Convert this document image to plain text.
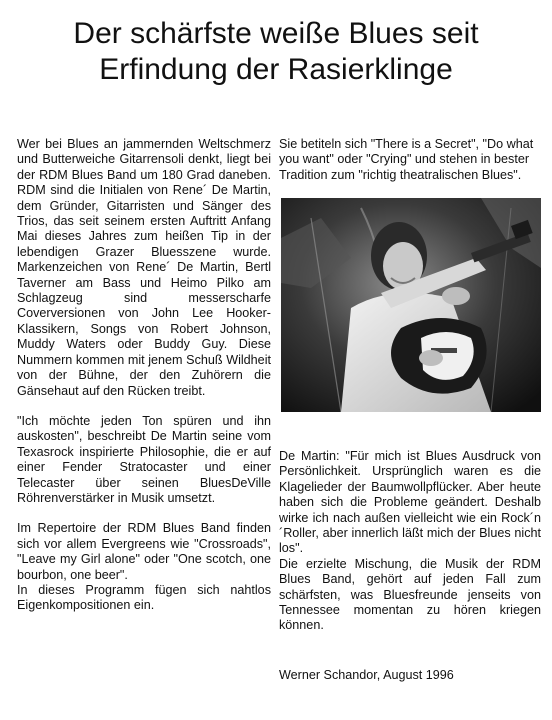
Der schärfste weiße Blues seit
Erfindung der Rasierklinge

Wer bei Blues an jammernden Weltschmerz und Butterweiche Gitarrensoli denkt, liegt bei der RDM Blues Band um 180 Grad daneben. RDM sind die Initialen von Rene´ De Martin, dem Gründer, Gitarristen und Sänger des Trios, das seit seinem ersten Auftritt Anfang Mai dieses Jahres zum heißen Tip in der lebendigen Grazer Bluesszene wurde. Markenzeichen von Rene´ De Martin, Bertl Taverner am Bass und Heimo Pilko am Schlagzeug sind messerscharfe Coverversionen von John Lee Hooker-Klassikern, Songs von Robert Johnson, Muddy Waters oder Buddy Guy. Diese Nummern kommen mit jenem Schuß Wildheit von der Bühne, der den Zuhörern die Gänsehaut auf den Rücken treibt.

"Ich möchte jeden Ton spüren und ihn auskosten", beschreibt De Martin seine vom Texasrock inspirierte Philosophie, die er auf einer Fender Stratocaster und einer Telecaster über seinen BluesDeVille Röhrenverstärker in Musik umsetzt.

Im Repertoire der RDM Blues Band finden sich vor allem Evergreens wie "Crossroads", "Leave my Girl alone" oder "One scotch, one bourbon, one beer".

In dieses Programm fügen sich nahtlos Eigenkompositionen ein.

Sie betiteln sich "There is a Secret", "Do what you want" oder "Crying" und stehen in bester Tradition zum "richtig theatralischen Blues".

De Martin: "Für mich ist Blues Ausdruck von Persönlichkeit. Ursprünglich waren es die Klagelieder der Baumwollpflücker. Aber heute haben sich die Probleme geändert. Deshalb wirke ich nach außen vielleicht wie ein Rock´n´Roller, aber innerlich läßt mich der Blues nicht los".

Die erzielte Mischung, die Musik der RDM Blues Band, gehört auf jeden Fall zum schärfsten, was Bluesfreunde jenseits von Tennessee momentan zu hören kriegen können.

Werner Schandor, August 1996
